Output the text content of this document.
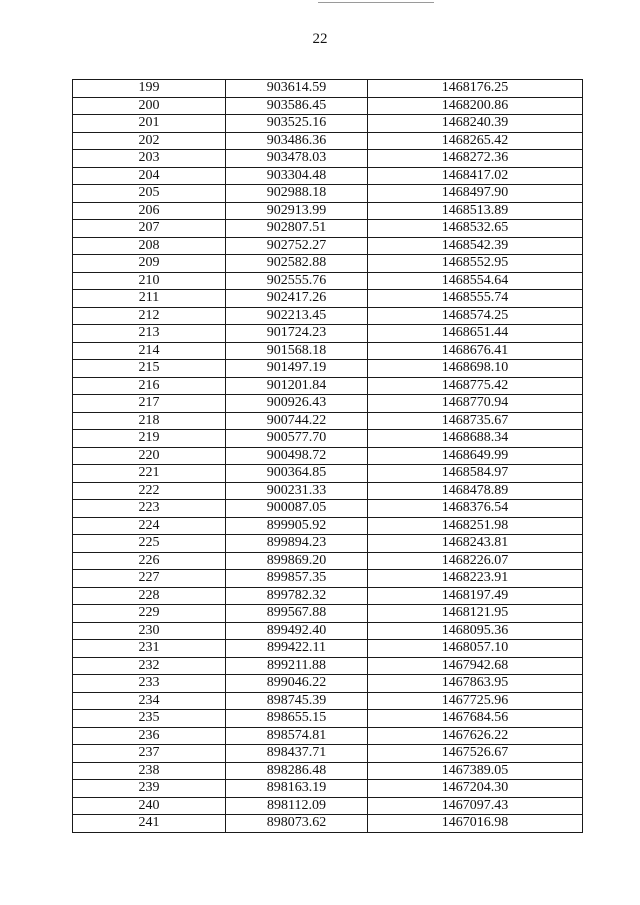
22
199	903614.59	1468176.25
200	903586.45	1468200.86
201	903525.16	1468240.39
202	903486.36	1468265.42
203	903478.03	1468272.36
204	903304.48	1468417.02
205	902988.18	1468497.90
206	902913.99	1468513.89
207	902807.51	1468532.65
208	902752.27	1468542.39
209	902582.88	1468552.95
210	902555.76	1468554.64
211	902417.26	1468555.74
212	902213.45	1468574.25
213	901724.23	1468651.44
214	901568.18	1468676.41
215	901497.19	1468698.10
216	901201.84	1468775.42
217	900926.43	1468770.94
218	900744.22	1468735.67
219	900577.70	1468688.34
220	900498.72	1468649.99
221	900364.85	1468584.97
222	900231.33	1468478.89
223	900087.05	1468376.54
224	899905.92	1468251.98
225	899894.23	1468243.81
226	899869.20	1468226.07
227	899857.35	1468223.91
228	899782.32	1468197.49
229	899567.88	1468121.95
230	899492.40	1468095.36
231	899422.11	1468057.10
232	899211.88	1467942.68
233	899046.22	1467863.95
234	898745.39	1467725.96
235	898655.15	1467684.56
236	898574.81	1467626.22
237	898437.71	1467526.67
238	898286.48	1467389.05
239	898163.19	1467204.30
240	898112.09	1467097.43
241	898073.62	1467016.98
